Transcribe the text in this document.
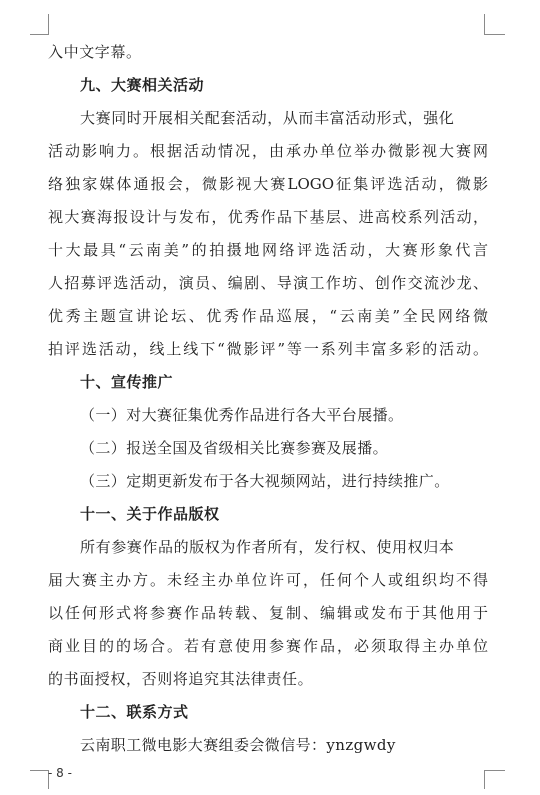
入中文字幕。
九、大赛相关活动
大赛同时开展相关配套活动，从而丰富活动形式，强化
活动影响力。根据活动情况，由承办单位举办微影视大赛网
络独家媒体通报会，微影视大赛LOGO征集评选活动，微影
视大赛海报设计与发布，优秀作品下基层、进高校系列活动，
十大最具“云南美”的拍摄地网络评选活动，大赛形象代言
人招募评选活动，演员、编剧、导演工作坊、创作交流沙龙、
优秀主题宣讲论坛、优秀作品巡展，“云南美”全民网络微
拍评选活动，线上线下“微影评”等一系列丰富多彩的活动。
十、宣传推广
（一）对大赛征集优秀作品进行各大平台展播。
（二）报送全国及省级相关比赛参赛及展播。
（三）定期更新发布于各大视频网站，进行持续推广。
十一、关于作品版权
所有参赛作品的版权为作者所有，发行权、使用权归本
届大赛主办方。未经主办单位许可，任何个人或组织均不得
以任何形式将参赛作品转载、复制、编辑或发布于其他用于
商业目的的场合。若有意使用参赛作品，必须取得主办单位
的书面授权，否则将追究其法律责任。
十二、联系方式
云南职工微电影大赛组委会微信号：ynzgwdy
- 8 -
